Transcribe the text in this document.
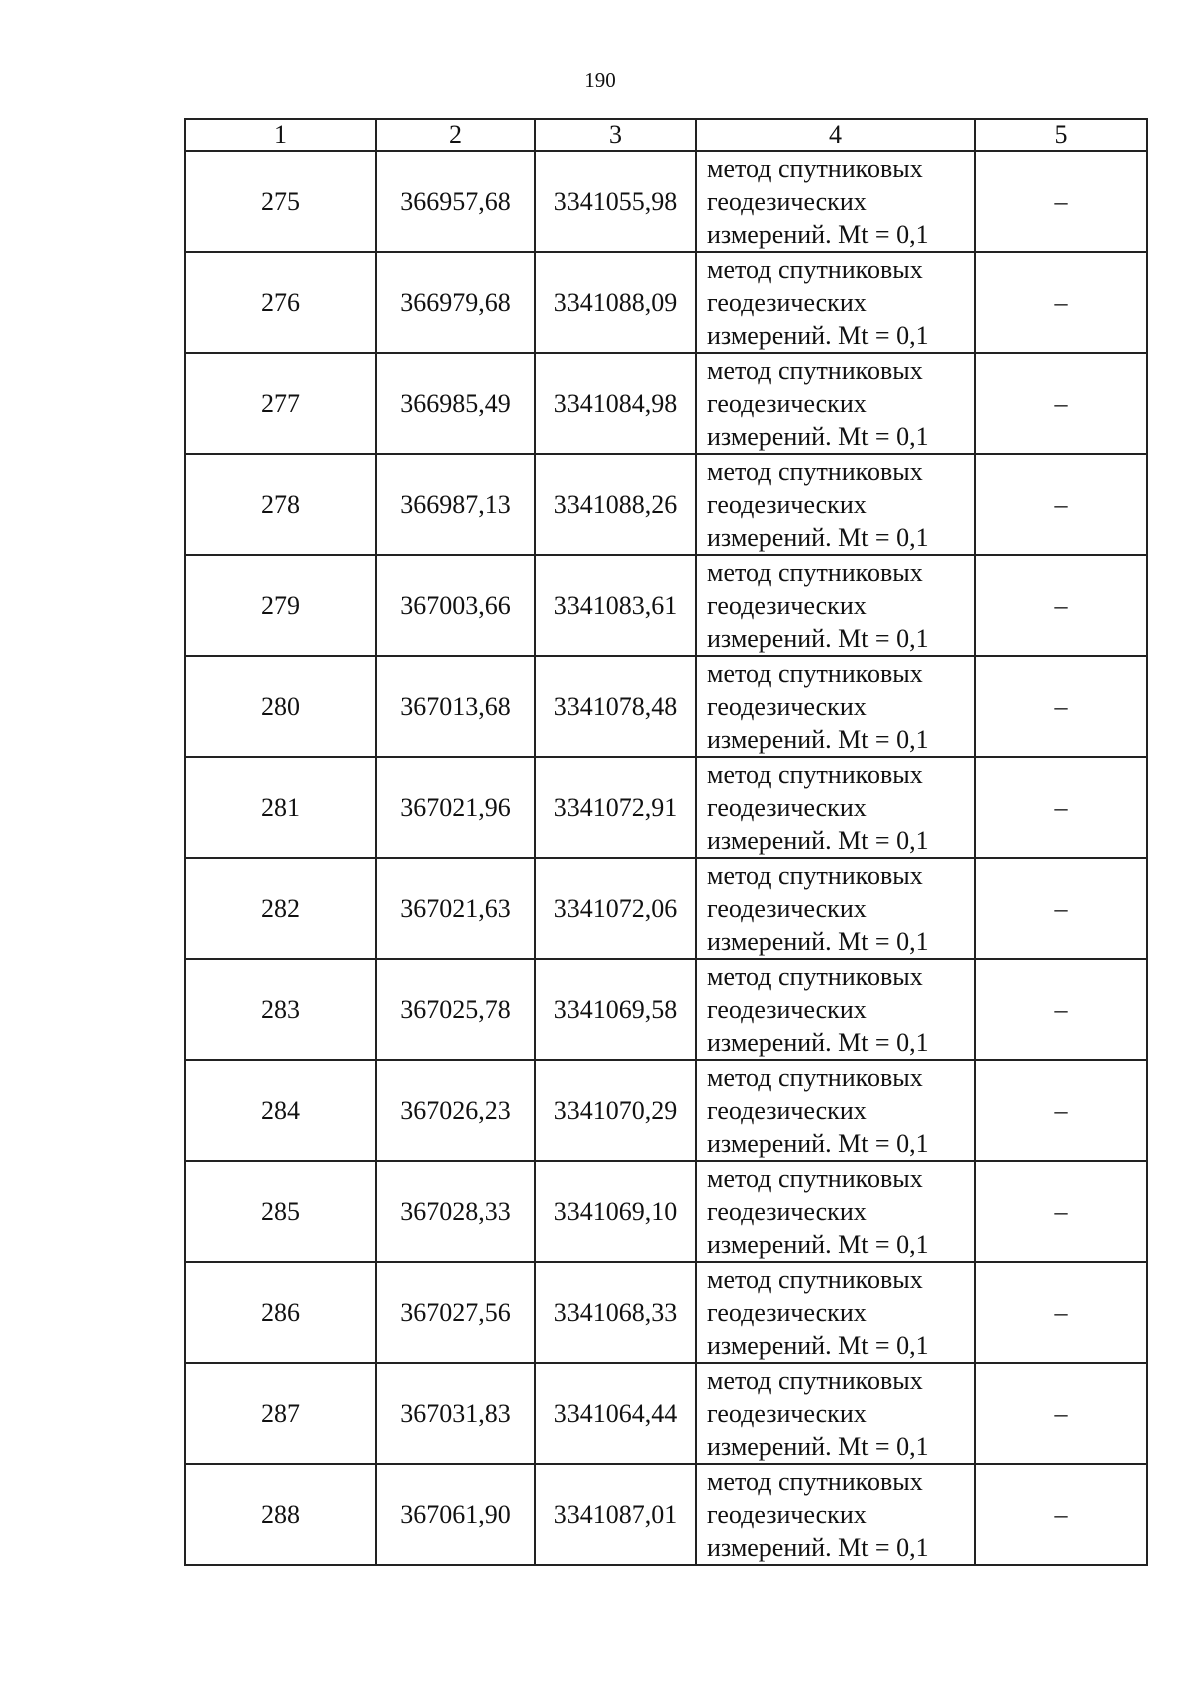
190
1	2	3	4	5
275	366957,68	3341055,98	метод спутниковых
геодезических
измерений. Mt = 0,1	–
276	366979,68	3341088,09	метод спутниковых
геодезических
измерений. Mt = 0,1	–
277	366985,49	3341084,98	метод спутниковых
геодезических
измерений. Mt = 0,1	–
278	366987,13	3341088,26	метод спутниковых
геодезических
измерений. Mt = 0,1	–
279	367003,66	3341083,61	метод спутниковых
геодезических
измерений. Mt = 0,1	–
280	367013,68	3341078,48	метод спутниковых
геодезических
измерений. Mt = 0,1	–
281	367021,96	3341072,91	метод спутниковых
геодезических
измерений. Mt = 0,1	–
282	367021,63	3341072,06	метод спутниковых
геодезических
измерений. Mt = 0,1	–
283	367025,78	3341069,58	метод спутниковых
геодезических
измерений. Mt = 0,1	–
284	367026,23	3341070,29	метод спутниковых
геодезических
измерений. Mt = 0,1	–
285	367028,33	3341069,10	метод спутниковых
геодезических
измерений. Mt = 0,1	–
286	367027,56	3341068,33	метод спутниковых
геодезических
измерений. Mt = 0,1	–
287	367031,83	3341064,44	метод спутниковых
геодезических
измерений. Mt = 0,1	–
288	367061,90	3341087,01	метод спутниковых
геодезических
измерений. Mt = 0,1	–
